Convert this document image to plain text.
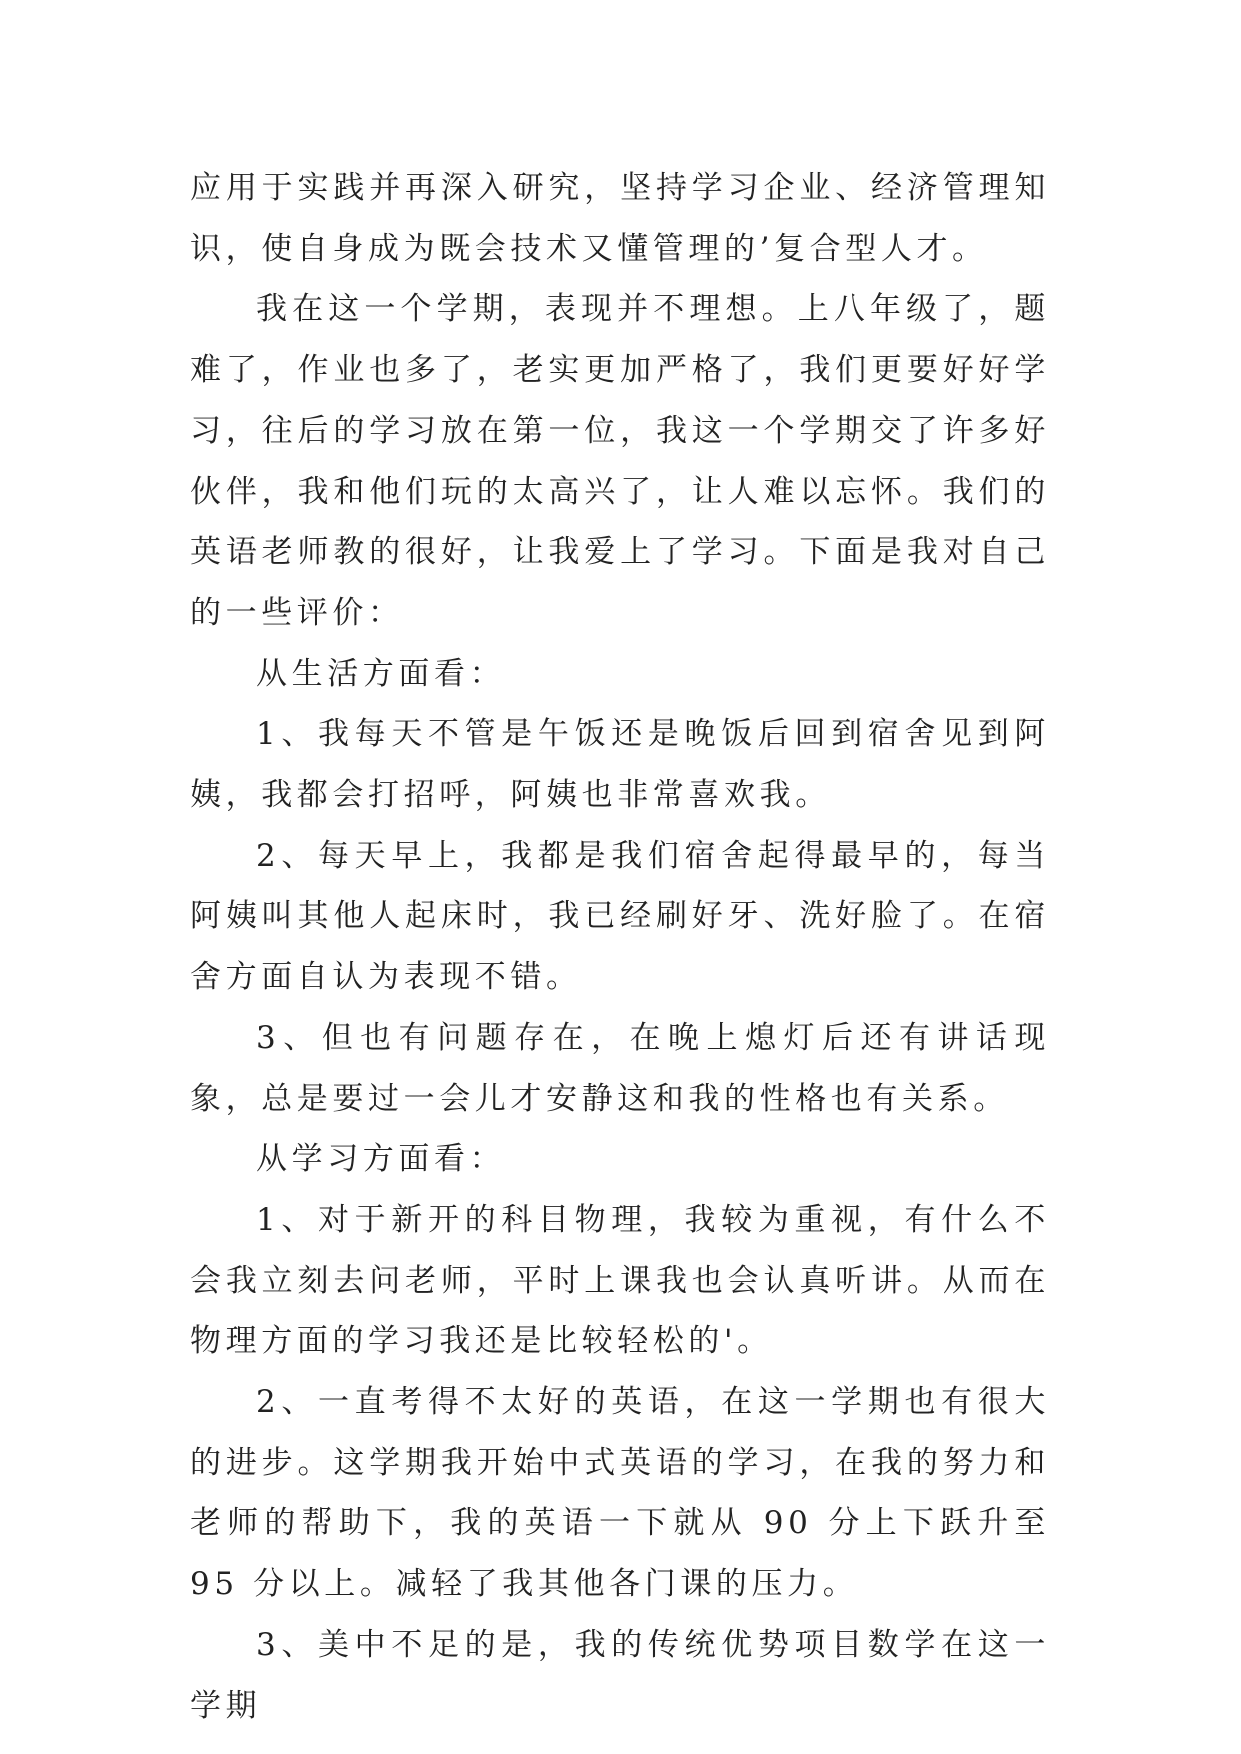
应用于实践并再深入研究，坚持学习企业、经济管理知识，使自身成为既会技术又懂管理的’复合型人才。

我在这一个学期，表现并不理想。上八年级了，题难了，作业也多了，老实更加严格了，我们更要好好学习，往后的学习放在第一位，我这一个学期交了许多好伙伴，我和他们玩的太高兴了，让人难以忘怀。我们的英语老师教的很好，让我爱上了学习。下面是我对自己的一些评价：

从生活方面看：

1、我每天不管是午饭还是晚饭后回到宿舍见到阿姨，我都会打招呼，阿姨也非常喜欢我。

2、每天早上，我都是我们宿舍起得最早的，每当阿姨叫其他人起床时，我已经刷好牙、洗好脸了。在宿舍方面自认为表现不错。

3、但也有问题存在，在晚上熄灯后还有讲话现象，总是要过一会儿才安静这和我的性格也有关系。

从学习方面看：

1、对于新开的科目物理，我较为重视，有什么不会我立刻去问老师，平时上课我也会认真听讲。从而在物理方面的学习我还是比较轻松的'。

2、一直考得不太好的英语，在这一学期也有很大的进步。这学期我开始中式英语的学习，在我的努力和老师的帮助下，我的英语一下就从 90 分上下跃升至 95 分以上。减轻了我其他各门课的压力。

3、美中不足的是，我的传统优势项目数学在这一学期
